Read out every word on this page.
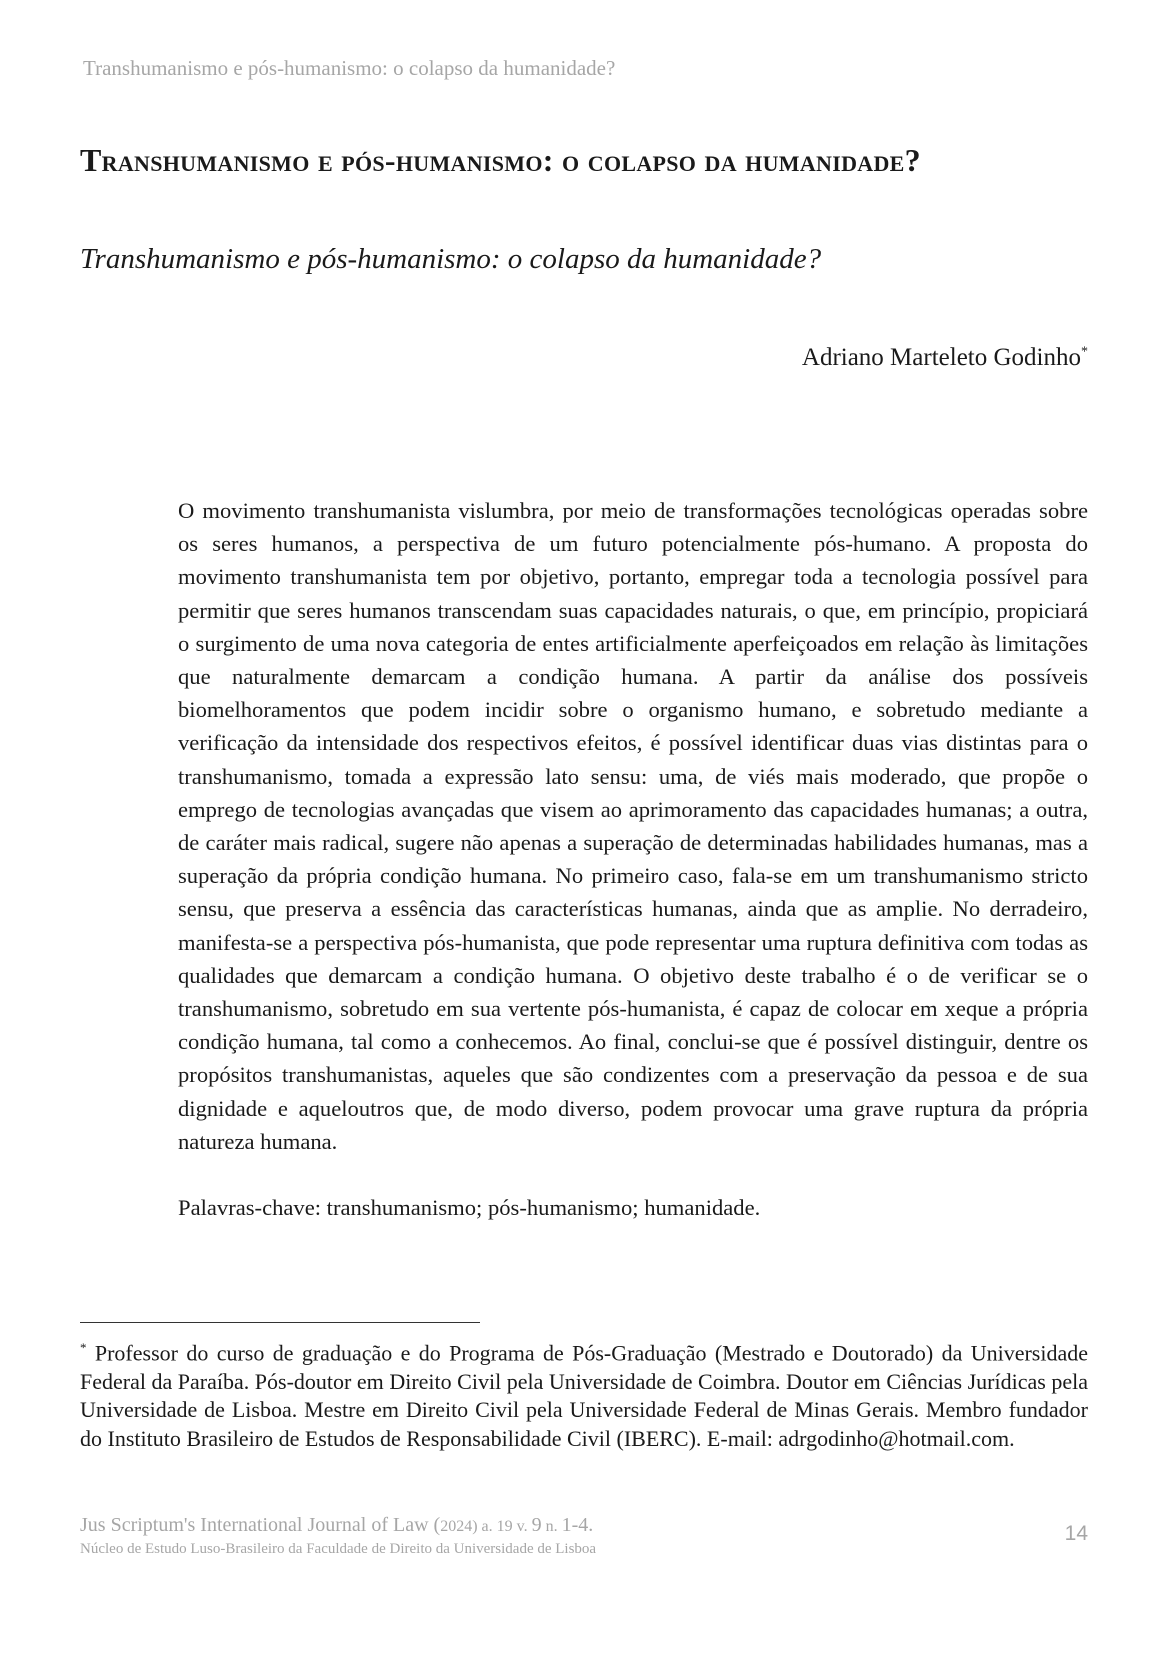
Transhumanismo e pós-humanismo: o colapso da humanidade?
Transhumanismo e pós-humanismo: o colapso da humanidade?
Transhumanismo e pós-humanismo: o colapso da humanidade?
Adriano Marteleto Godinho*

O movimento transhumanista vislumbra, por meio de transformações tecnológicas operadas sobre os seres humanos, a perspectiva de um futuro potencialmente pós-humano. A proposta do movimento transhumanista tem por objetivo, portanto, empregar toda a tecnologia possível para permitir que seres humanos transcendam suas capacidades naturais, o que, em princípio, propiciará o surgimento de uma nova categoria de entes artificialmente aperfeiçoados em relação às limitações que naturalmente demarcam a condição humana. A partir da análise dos possíveis biomelhoramentos que podem incidir sobre o organismo humano, e sobretudo mediante a verificação da intensidade dos respectivos efeitos, é possível identificar duas vias distintas para o transhumanismo, tomada a expressão lato sensu: uma, de viés mais moderado, que propõe o emprego de tecnologias avançadas que visem ao aprimoramento das capacidades humanas; a outra, de caráter mais radical, sugere não apenas a superação de determinadas habilidades humanas, mas a superação da própria condição humana. No primeiro caso, fala-se em um transhumanismo stricto sensu, que preserva a essência das características humanas, ainda que as amplie. No derradeiro, manifesta-se a perspectiva pós-humanista, que pode representar uma ruptura definitiva com todas as qualidades que demarcam a condição humana. O objetivo deste trabalho é o de verificar se o transhumanismo, sobretudo em sua vertente pós-humanista, é capaz de colocar em xeque a própria condição humana, tal como a conhecemos. Ao final, conclui-se que é possível distinguir, dentre os propósitos transhumanistas, aqueles que são condizentes com a preservação da pessoa e de sua dignidade e aqueloutros que, de modo diverso, podem provocar uma grave ruptura da própria natureza humana.

Palavras-chave: transhumanismo; pós-humanismo; humanidade.

* Professor do curso de graduação e do Programa de Pós-Graduação (Mestrado e Doutorado) da Universidade Federal da Paraíba. Pós-doutor em Direito Civil pela Universidade de Coimbra. Doutor em Ciências Jurídicas pela Universidade de Lisboa. Mestre em Direito Civil pela Universidade Federal de Minas Gerais. Membro fundador do Instituto Brasileiro de Estudos de Responsabilidade Civil (IBERC). E-mail: adrgodinho@hotmail.com.

Jus Scriptum's International Journal of Law (2024) a. 19 v. 9 n. 1-4.
Núcleo de Estudo Luso-Brasileiro da Faculdade de Direito da Universidade de Lisboa
14
